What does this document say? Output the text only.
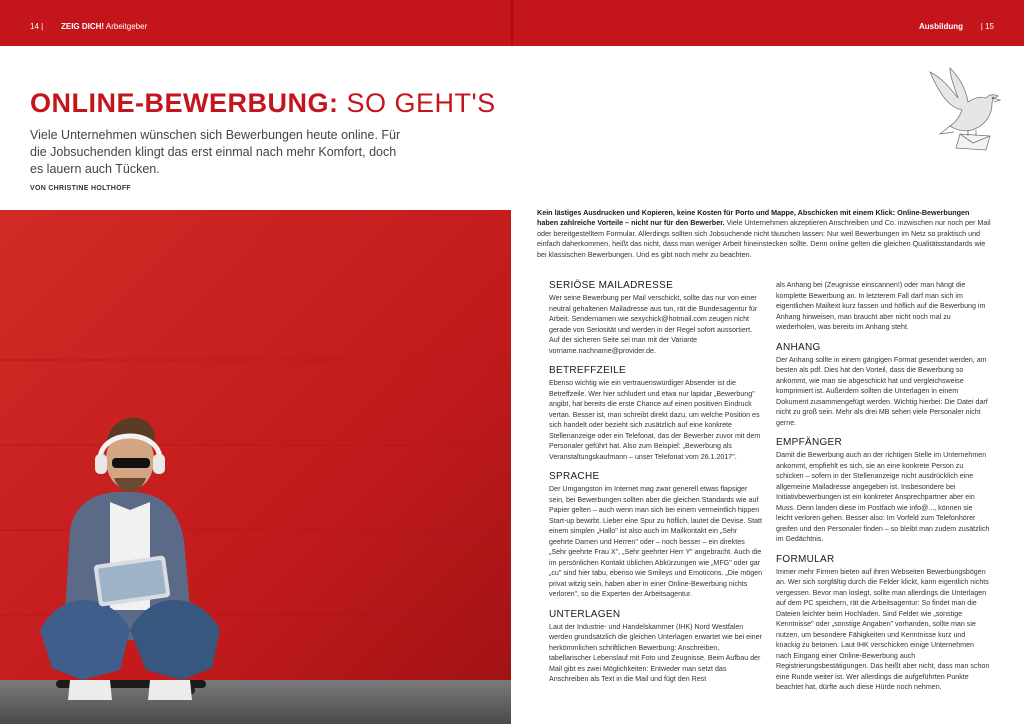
14 | ZEIG DICH! Arbeitgeber	Ausbildung | 15
ONLINE-BEWERBUNG: SO GEHT'S
Viele Unternehmen wünschen sich Bewerbungen heute online. Für die Jobsuchenden klingt das erst einmal nach mehr Komfort, doch es lauern auch Tücken.
VON CHRISTINE HOLTHOFF
Kein lästiges Ausdrucken und Kopieren, keine Kosten für Porto und Mappe, Abschicken mit einem Klick: Online-Bewerbungen haben zahlreiche Vorteile – nicht nur für den Bewerber. Viele Unternehmen akzeptieren Anschreiben und Co. inzwischen nur noch per Mail oder bereitgestelltem Formular. Allerdings sollten sich Jobsuchende nicht täuschen lassen: Nur weil Bewerbungen im Netz so praktisch und einfach daherkommen, heißt das nicht, dass man weniger Arbeit hineinstecken sollte. Denn online gelten die gleichen Qualitätsstandards wie bei klassischen Bewerbungen. Und es gibt noch mehr zu beachten.
SERIÖSE MAILADRESSE

Wer seine Bewerbung per Mail verschickt, sollte das nur von einer neutral gehaltenen Mailadresse aus tun, rät die Bundesagentur für Arbeit. Sendernamen wie sexychick@hotmail.com zeugen nicht gerade von Seriosität und werden in der Regel sofort aussortiert. Auf der sicheren Seite sei man mit der Variante vorname.nachname@provider.de.

BETREFFZEILE

Ebenso wichtig wie ein vertrauenswürdiger Absender ist die Betreffzeile. Wer hier schludert und etwa nur lapidar „Bewerbung" angibt, hat bereits die erste Chance auf einen positiven Eindruck vertan. Besser ist, man schreibt direkt dazu, um welche Position es sich handelt oder bezieht sich zusätzlich auf eine konkrete Stellenanzeige oder ein Telefonat, das der Bewerber zuvor mit dem Personaler geführt hat. Also zum Beispiel: „Bewerbung als Veranstaltungskaufmann – unser Telefonat vom 26.1.2017".

SPRACHE

Der Umgangston im Internet mag zwar generell etwas flapsiger sein, bei Bewerbungen sollten aber die gleichen Standards wie auf Papier gelten – auch wenn man sich bei einem vermeintlich hippen Start-up bewirbt. Lieber eine Spur zu höflich, lautet die Devise. Statt einem simplen „Hallo" ist also auch im Mailkontakt ein „Sehr geehrte Damen und Herren" oder – noch besser – ein direktes „Sehr geehrte Frau X", „Sehr geehrter Herr Y" angebracht. Auch die im persönlichen Kontakt üblichen Abkürzungen wie „MFG" oder gar „cu" sind hier tabu, ebenso wie Smileys und Emoticons. „Die mögen privat witzig sein, haben aber in einer Online-Bewerbung nichts verloren", so die Experten der Arbeitsagentur.

UNTERLAGEN

Laut der Industrie- und Handelskammer (IHK) Nord Westfalen werden grundsätzlich die gleichen Unterlagen erwartet wie bei einer herkömmlichen schriftlichen Bewerbung: Anschreiben, tabellarischer Lebenslauf mit Foto und Zeugnisse. Beim Aufbau der Mail gibt es zwei Möglichkeiten: Entweder man setzt das Anschreiben als Text in die Mail und fügt den Rest

als Anhang bei (Zeugnisse einscannen!) oder man hängt die komplette Bewerbung an. In letzterem Fall darf man sich im eigentlichen Mailtext kurz fassen und höflich auf die Bewerbung im Anhang hinweisen, man braucht aber nicht noch mal zu wiederholen, was bereits im Anhang steht.

ANHANG

Der Anhang sollte in einem gängigen Format gesendet werden, am besten als pdf. Dies hat den Vorteil, dass die Bewerbung so ankommt, wie man sie abgeschickt hat und vergleichsweise komprimiert ist. Außerdem sollten die Unterlagen in einem Dokument zusammengefügt werden. Wichtig hierbei: Die Datei darf nicht zu groß sein. Mehr als drei MB sehen viele Personaler nicht gerne.

EMPFÄNGER

Damit die Bewerbung auch an der richtigen Stelle im Unternehmen ankommt, empfiehlt es sich, sie an eine konkrete Person zu schicken – sofern in der Stellenanzeige nicht ausdrücklich eine allgemeine Mailadresse angegeben ist. Insbesondere bei Initiativbewerbungen ist ein konkreter Ansprechpartner aber ein Muss. Denn landen diese im Postfach wie info@..., können sie leicht verloren gehen. Besser also: Im Vorfeld zum Telefonhörer greifen und den Personaler finden – so bleibt man zudem zusätzlich im Gedächtnis.

FORMULAR

Immer mehr Firmen bieten auf ihren Webseiten Bewerbungsbögen an. Wer sich sorgfältig durch die Felder klickt, kann eigentlich nichts vergessen. Bevor man loslegt, sollte man allerdings die Unterlagen auf dem PC speichern, rät die Arbeitsagentur: So findet man die Dateien leichter beim Hochladen. Sind Felder wie „sonstige Kenntnisse" oder „sonstige Angaben" vorhanden, sollte man sie nutzen, um besondere Fähigkeiten und Kenntnisse kurz und knackig zu betonen. Laut IHK verschicken einige Unternehmen nach Eingang einer Online-Bewerbung auch Registrierungsbestätigungen. Das heißt aber nicht, dass man schon eine Runde weiter ist. Wer allerdings die aufgeführten Punkte beachtet hat, dürfte auch diese Hürde noch nehmen.
